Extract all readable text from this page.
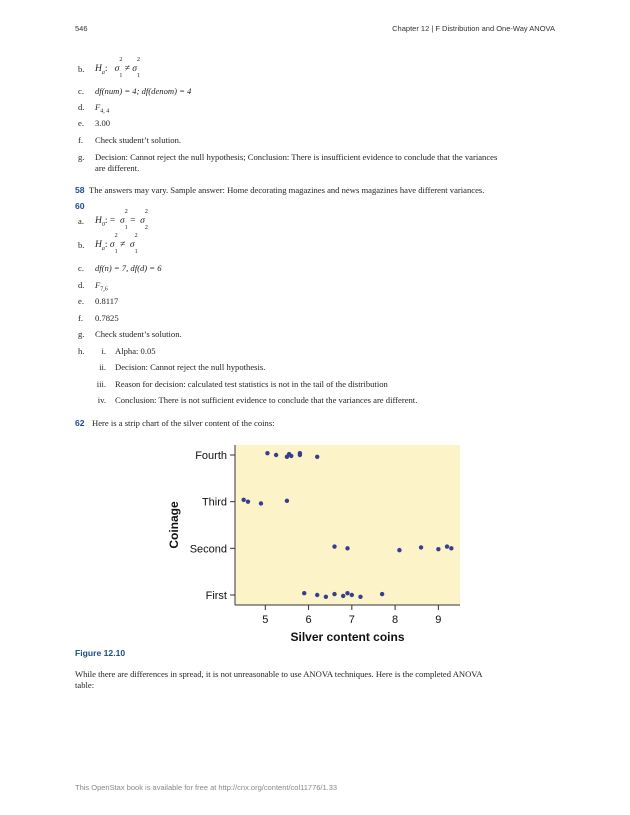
546	Chapter 12 | F Distribution and One-Way ANOVA
b. $H_a$:   σ
2
$_1$ ≠ σ
2
$_1$
c. df(num) = 4; df(denom) = 4
d. $F_{4, 4}$
e. 3.00
f. Check student’t solution.
g. Decision: Cannot reject the null hypothesis; Conclusion: There is insufficient evidence to conclude that the variances
are different.
58 The answers may vary. Sample answer: Home decorating magazines and news magazines have different variances.
60
a. $H_0$: =  σ
2
$_1$ =  σ
2
$_2$
b. $H_a$: σ
2
$_1$ ≠  σ
2
$_1$
c. df(n) = 7, df(d) = 6
d. $F_{7,6}$
e. 0.8117
f. 0.7825
g. Check student’s solution.
h.	i. Alpha: 0.05
ii. Decision: Cannot reject the null hypothesis.
iii. Reason for decision: calculated test statistics is not in the tail of the distribution
iv. Conclusion: There is not sufficient evidence to conclude that the variances are different.
62 Here is a strip chart of the silver content of the coins:
First
Second
Third
Fourth
5	6	7	8	9
Silver content coins
Coinage
Figure 12.10
While there are differences in spread, it is not unreasonable to use ANOVA techniques. Here is the completed ANOVA
table:
This OpenStax book is available for free at http://cnx.org/content/col11776/1.33
